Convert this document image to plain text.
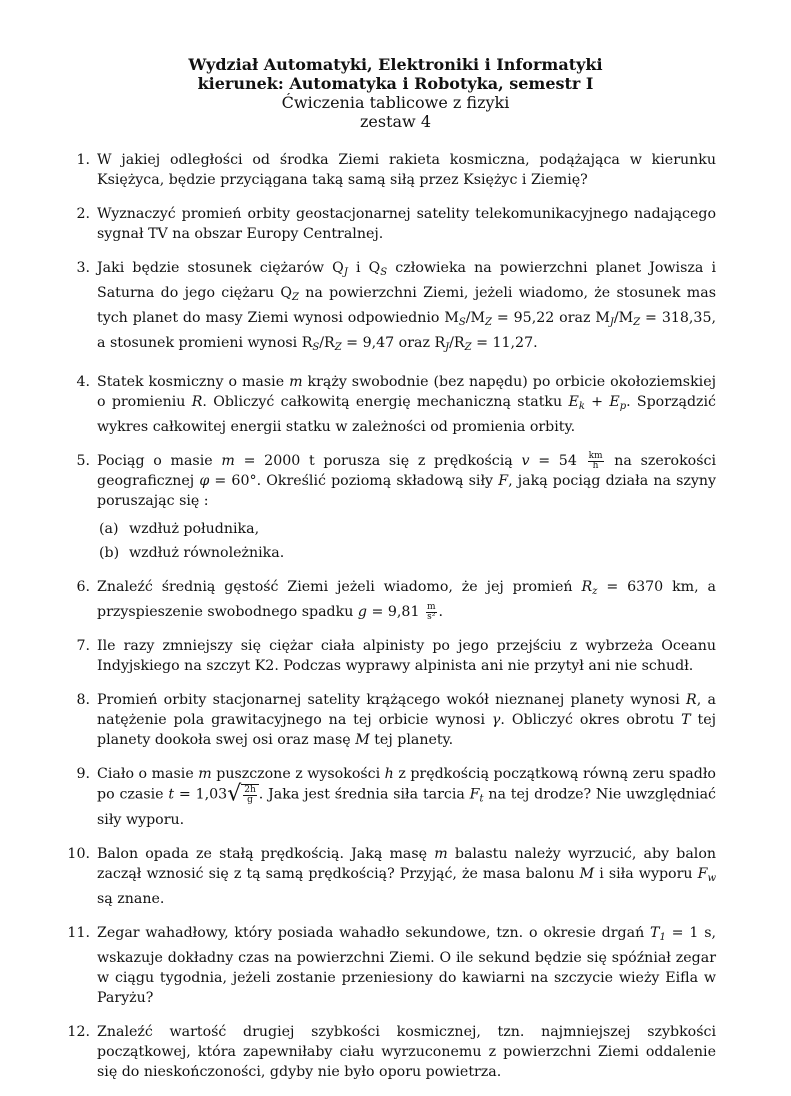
Wydział Automatyki, Elektroniki i Informatyki
kierunek: Automatyka i Robotyka, semestr I
Ćwiczenia tablicowe z fizyki
zestaw 4
1. W jakiej odległości od środka Ziemi rakieta kosmiczna, podążająca w kierunku Księżyca, będzie przyciągana taką samą siłą przez Księżyc i Ziemię?
2. Wyznaczyć promień orbity geostacjonarnej satelity telekomunikacyjnego nadającego sygnał TV na obszar Europy Centralnej.
3. Jaki będzie stosunek ciężarów $Q_J$ i $Q_S$ człowieka na powierzchni planet Jowisza i Saturna do jego ciężaru $Q_Z$ na powierzchni Ziemi, jeżeli wiadomo, że stosunek mas tych planet do masy Ziemi wynosi odpowiednio $M_S/M_Z = 95,22$ oraz $M_J/M_Z = 318,35$, a stosunek promieni wynosi $R_S/R_Z = 9,47$ oraz $R_J/R_Z = 11,27$.
4. Statek kosmiczny o masie m krąży swobodnie (bez napędu) po orbicie okołoziemskiej o promieniu R. Obliczyć całkowitą energię mechaniczną statku $E_k + E_p$. Sporządzić wykres całkowitej energii statku w zależności od promienia orbity.
5. Pociąg o masie m = 2000 t porusza się z prędkością $v = 54 \frac{km}{h}$ na szerokości geograficznej φ = 60°. Określić poziomą składową siły F, jaką pociąg działa na szyny poruszając się :
(a) wzdłuż południka,
(b) wzdłuż równoleżnika.
6. Znaleźć średnią gęstość Ziemi jeżeli wiadomo, że jej promień $R_z = 6370$ km, a przyspieszenie swobodnego spadku $g = 9,81 \frac{m}{\text{s²}}$ .
7. Ile razy zmniejszy się ciężar ciała alpinisty po jego przejściu z wybrzeża Oceanu Indyjskiego na szczyt K2. Podczas wyprawy alpinista ani nie przytył ani nie schudł.
8. Promień orbity stacjonarnej satelity krążącego wokół nieznanej planety wynosi R, a natężenie pola grawitacyjnego na tej orbicie wynosi γ. Obliczyć okres obrotu T tej planety dookoła swej osi oraz masę M tej planety.
9. Ciało o masie m puszczone z wysokości h z prędkością początkową równą zeru spadło po czasie $t = 1,03√ \frac{2h}{g}$ . Jaka jest średnia siła tarcia $F_t$ na tej drodze? Nie uwzględniać siły wyporu.
10. Balon opada ze stałą prędkością. Jaką masę m balastu należy wyrzucić, aby balon zaczął wznosić się z tą samą prędkością? Przyjąć, że masa balonu M i siła wyporu $F_w$ są znane.
11. Zegar wahadłowy, który posiada wahadło sekundowe, tzn. o okresie drgań $T_1 = 1$ s, wskazuje dokładny czas na powierzchni Ziemi. O ile sekund będzie się spóźniał zegar w ciągu tygodnia, jeżeli zostanie przeniesiony do kawiarni na szczycie wieży Eifla w Paryżu?
12. Znaleźć wartość drugiej szybkości kosmicznej, tzn. najmniejszej szybkości początkowej, która zapewniłaby ciału wyrzuconemu z powierzchni Ziemi oddalenie się do nieskończoności, gdyby nie było oporu powietrza.
